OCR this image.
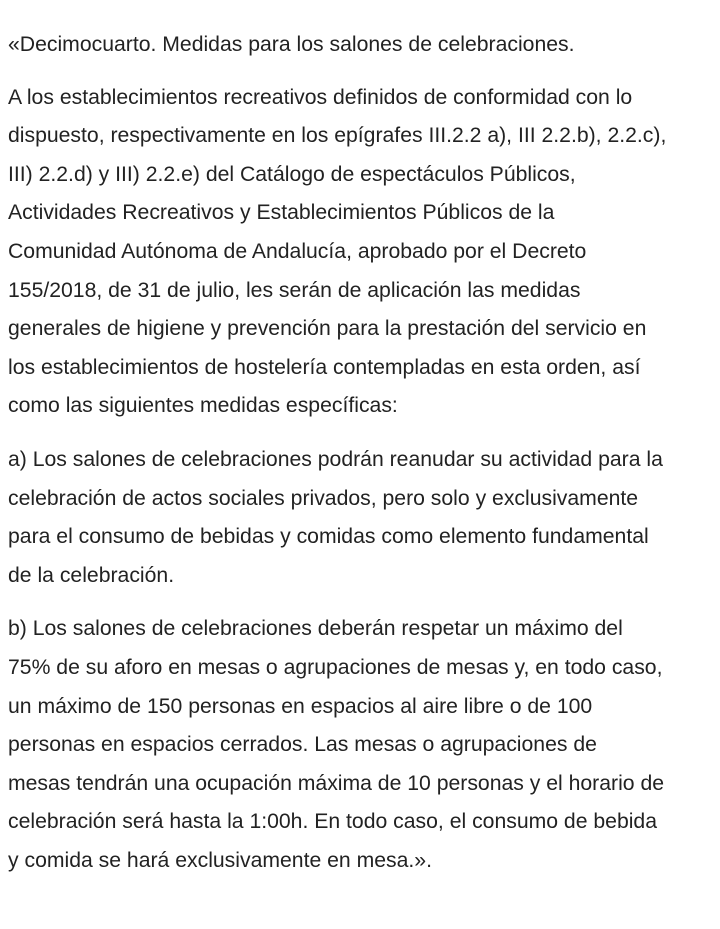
«Decimocuarto. Medidas para los salones de celebraciones.

A los establecimientos recreativos definidos de conformidad con lo
dispuesto, respectivamente en los epígrafes III.2.2 a), III 2.2.b), 2.2.c),
III) 2.2.d) y III) 2.2.e) del Catálogo de espectáculos Públicos,
Actividades Recreativos y Establecimientos Públicos de la
Comunidad Autónoma de Andalucía, aprobado por el Decreto
155/2018, de 31 de julio, les serán de aplicación las medidas
generales de higiene y prevención para la prestación del servicio en
los establecimientos de hostelería contempladas en esta orden, así
como las siguientes medidas específicas:

a) Los salones de celebraciones podrán reanudar su actividad para la
celebración de actos sociales privados, pero solo y exclusivamente
para el consumo de bebidas y comidas como elemento fundamental
de la celebración.

b) Los salones de celebraciones deberán respetar un máximo del
75% de su aforo en mesas o agrupaciones de mesas y, en todo caso,
un máximo de 150 personas en espacios al aire libre o de 100
personas en espacios cerrados. Las mesas o agrupaciones de
mesas tendrán una ocupación máxima de 10 personas y el horario de
celebración será hasta la 1:00h. En todo caso, el consumo de bebida
y comida se hará exclusivamente en mesa.».
